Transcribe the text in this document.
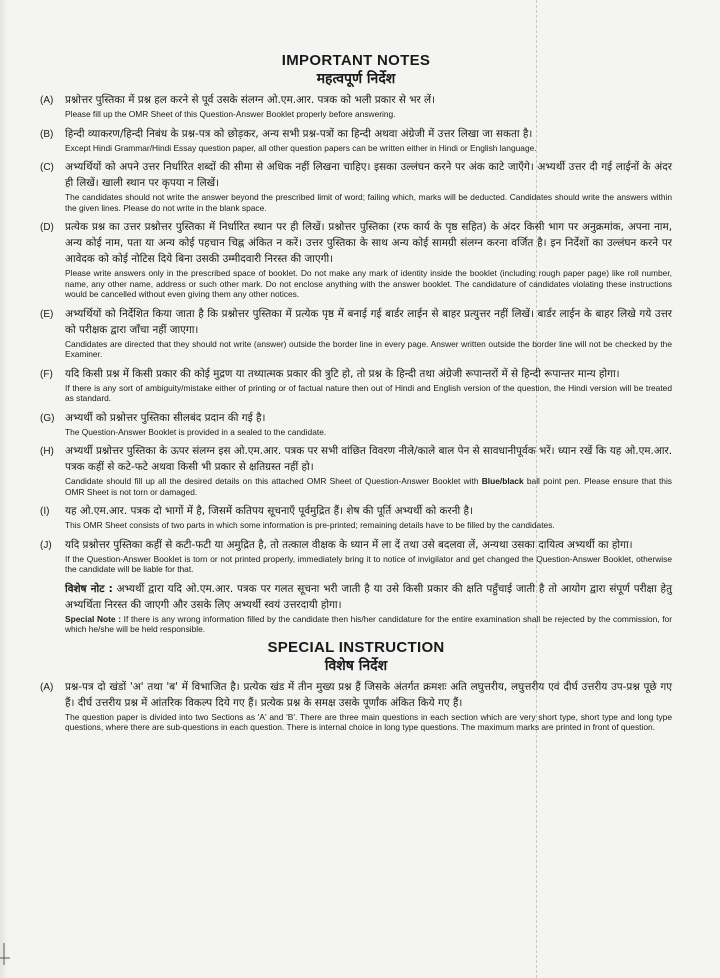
IMPORTANT NOTES

महत्वपूर्ण निर्देश

(A)	प्रश्नोत्तर पुस्तिका में प्रश्न हल करने से पूर्व उसके संलग्न ओ.एम.आर. पत्रक को भली प्रकार से भर लें।

Please fill up the OMR Sheet of this Question-Answer Booklet properly before answering.

(B)	हिन्दी व्याकरण/हिन्दी निबंध के प्रश्न-पत्र को छोड़कर, अन्य सभी प्रश्न-पत्रों का हिन्दी अथवा अंग्रेजी में उत्तर लिखा जा सकता है।

Except Hindi Grammar/Hindi Essay question paper, all other question papers can be written either in Hindi or English language.

(C)	अभ्यर्थियों को अपने उत्तर निर्धारित शब्दों की सीमा से अधिक नहीं लिखना चाहिए। इसका उल्लंघन करने पर अंक काटे जाएँगे। अभ्यर्थी उत्तर दी गई लाईनों के अंदर ही लिखें। खाली स्थान पर कृपया न लिखें।

The candidates should not write the answer beyond the prescribed limit of word; failing which, marks will be deducted. Candidates should write the answers within the given lines. Please do not write in the blank space.

(D)	प्रत्येक प्रश्न का उत्तर प्रश्नोत्तर पुस्तिका में निर्धारित स्थान पर ही लिखें। प्रश्नोत्तर पुस्तिका (रफ कार्य के पृष्ठ सहित) के अंदर किसी भाग पर अनुक्रमांक, अपना नाम, अन्य कोई नाम, पता या अन्य कोई पहचान चिह्न अंकित न करें। उत्तर पुस्तिका के साथ अन्य कोई सामग्री संलग्न करना वर्जित है। इन निर्देशों का उल्लंघन करने पर आवेदक को कोई नोटिस दिये बिना उसकी उम्मीदवारी निरस्त की जाएगी।

Please write answers only in the prescribed space of booklet. Do not make any mark of identity inside the booklet (including rough paper page) like roll number, name, any other name, address or such other mark. Do not enclose anything with the answer booklet. The candidature of candidates violating these instructions would be cancelled without even giving them any other notices.

(E)	अभ्यर्थियों को निर्देशित किया जाता है कि प्रश्नोत्तर पुस्तिका में प्रत्येक पृष्ठ में बनाई गई बार्डर लाईन से बाहर प्रत्युत्तर नहीं लिखें। बार्डर लाईन के बाहर लिखे गये उत्तर को परीक्षक द्वारा जाँचा नहीं जाएगा।

Candidates are directed that they should not write (answer) outside the border line in every page. Answer written outside the border line will not be checked by the Examiner.

(F)	यदि किसी प्रश्न में किसी प्रकार की कोई मुद्रण या तथ्यात्मक प्रकार की त्रुटि हो, तो प्रश्न के हिन्दी तथा अंग्रेजी रूपान्तरों में से हिन्दी रूपान्तर मान्य होगा।

If there is any sort of ambiguity/mistake either of printing or of factual nature then out of Hindi and English version of the question, the Hindi version will be treated as standard.

(G)	अभ्यर्थी को प्रश्नोत्तर पुस्तिका सीलबंद प्रदान की गई है।

The Question-Answer Booklet is provided in a sealed to the candidate.

(H)	अभ्यर्थी प्रश्नोत्तर पुस्तिका के ऊपर संलग्न इस ओ.एम.आर. पत्रक पर सभी वांछित विवरण नीले/काले बाल पेन से सावधानीपूर्वक भरें। ध्यान रखें कि यह ओ.एम.आर. पत्रक कहीं से कटे-फटे अथवा किसी भी प्रकार से क्षतिग्रस्त नहीं हो।

Candidate should fill up all the desired details on this attached OMR Sheet of Question-Answer Booklet with Blue/black ball point pen. Please ensure that this OMR Sheet is not torn or damaged.

(I)	यह ओ.एम.आर. पत्रक दो भागों में है, जिसमें कतिपय सूचनाएँ पूर्वमुद्रित हैं। शेष की पूर्ति अभ्यर्थी को करनी है।

This OMR Sheet consists of two parts in which some information is pre-printed; remaining details have to be filled by the candidates.

(J)	यदि प्रश्नोत्तर पुस्तिका कहीं से कटी-फटी या अमुद्रित है, तो तत्काल वीक्षक के ध्यान में ला दें तथा उसे बदलवा लें, अन्यथा उसका दायित्व अभ्यर्थी का होगा।

If the Question-Answer Booklet is torn or not printed properly, immediately bring it to notice of invigilator and get changed the Question-Answer Booklet, otherwise the candidate will be liable for that.

विशेष नोट : अभ्यर्थी द्वारा यदि ओ.एम.आर. पत्रक पर गलत सूचना भरी जाती है या उसे किसी प्रकार की क्षति पहुँचाई जाती है तो आयोग द्वारा संपूर्ण परीक्षा हेतु अभ्यर्थिता निरस्त की जाएगी और उसके लिए अभ्यर्थी स्वयं उत्तरदायी होगा।

Special Note : If there is any wrong information filled by the candidate then his/her candidature for the entire examination shall be rejected by the commission, for which he/she will be held responsible.

SPECIAL INSTRUCTION

विशेष निर्देश

(A)	प्रश्न-पत्र दो खंडों 'अ' तथा 'ब' में विभाजित है। प्रत्येक खंड में तीन मुख्य प्रश्न हैं जिसके अंतर्गत क्रमशः अति लघुत्तरीय, लघुत्तरीय एवं दीर्घ उत्तरीय उप-प्रश्न पूछे गए हैं। दीर्घ उत्तरीय प्रश्न में आंतरिक विकल्प दिये गए हैं। प्रत्येक प्रश्न के समक्ष उसके पूर्णांक अंकित किये गए हैं।

The question paper is divided into two Sections as 'A' and 'B'. There are three main questions in each section which are very short type, short type and long type questions, where there are sub-questions in each question. There is internal choice in long type questions. The maximum marks are printed in front of question.
